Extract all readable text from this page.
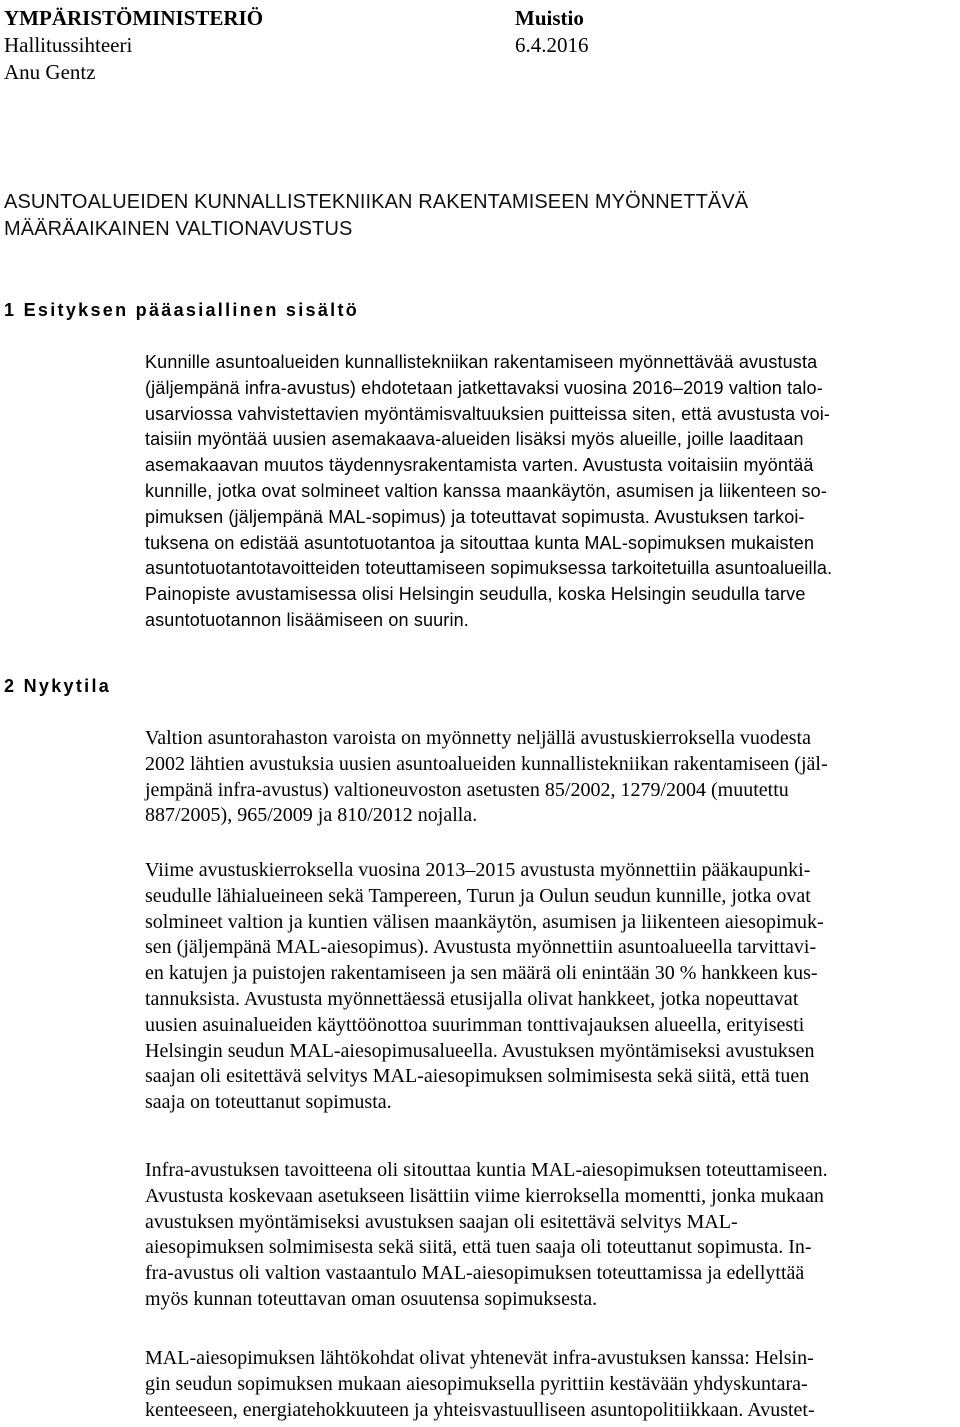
YMPÄRISTÖMINISTERIÖ	Muistio
Hallitussihteeri	6.4.2016
Anu Gentz
ASUNTOALUEIDEN KUNNALLISTEKNIIKAN RAKENTAMISEEN MYÖNNETTÄVÄ
MÄÄRÄAIKAINEN VALTIONAVUSTUS
1 Esityksen pääasiallinen sisältö
Kunnille asuntoalueiden kunnallistekniikan rakentamiseen myönnettävää avustusta
(jäljempänä infra-avustus) ehdotetaan jatkettavaksi vuosina 2016–2019 valtion talo-
usarviossa vahvistettavien myöntämisvaltuuksien puitteissa siten, että avustusta voi-
taisiin myöntää uusien asemakaava-alueiden lisäksi myös alueille, joille laaditaan
asemakaavan muutos täydennysrakentamista varten. Avustusta voitaisiin myöntää
kunnille, jotka ovat solmineet valtion kanssa maankäytön, asumisen ja liikenteen so-
pimuksen (jäljempänä MAL-sopimus) ja toteuttavat sopimusta. Avustuksen tarkoi-
tuksena on edistää asuntotuotantoa ja sitouttaa kunta MAL-sopimuksen mukaisten
asuntotuotantotavoitteiden toteuttamiseen sopimuksessa tarkoitetuilla asuntoalueilla.
Painopiste avustamisessa olisi Helsingin seudulla, koska Helsingin seudulla tarve
asuntotuotannon lisäämiseen on suurin.
2 Nykytila
Valtion asuntorahaston varoista on myönnetty neljällä avustuskierroksella vuodesta
2002 lähtien avustuksia uusien asuntoalueiden kunnallistekniikan rakentamiseen (jäl-
jempänä infra-avustus) valtioneuvoston asetusten 85/2002, 1279/2004 (muutettu
887/2005), 965/2009 ja 810/2012 nojalla.
Viime avustuskierroksella vuosina 2013–2015 avustusta myönnettiin pääkaupunki-
seudulle lähialueineen sekä Tampereen, Turun ja Oulun seudun kunnille, jotka ovat
solmineet valtion ja kuntien välisen maankäytön, asumisen ja liikenteen aiesopimuk-
sen (jäljempänä MAL-aiesopimus). Avustusta myönnettiin asuntoalueella tarvittavi-
en katujen ja puistojen rakentamiseen ja sen määrä oli enintään 30 % hankkeen kus-
tannuksista. Avustusta myönnettäessä etusijalla olivat hankkeet, jotka nopeuttavat
uusien asuinalueiden käyttöönottoa suurimman tonttivajauksen alueella, erityisesti
Helsingin seudun MAL-aiesopimusalueella. Avustuksen myöntämiseksi avustuksen
saajan oli esitettävä selvitys MAL-aiesopimuksen solmimisesta sekä siitä, että tuen
saaja on toteuttanut sopimusta.
Infra-avustuksen tavoitteena oli sitouttaa kuntia MAL-aiesopimuksen toteuttamiseen.
Avustusta koskevaan asetukseen lisättiin viime kierroksella momentti, jonka mukaan
avustuksen myöntämiseksi avustuksen saajan oli esitettävä selvitys MAL-
aiesopimuksen solmimisesta sekä siitä, että tuen saaja oli toteuttanut sopimusta. In-
fra-avustus oli valtion vastaantulo MAL-aiesopimuksen toteuttamissa ja edellyttää
myös kunnan toteuttavan oman osuutensa sopimuksesta.
MAL-aiesopimuksen lähtökohdat olivat yhtenevät infra-avustuksen kanssa: Helsin-
gin seudun sopimuksen mukaan aiesopimuksella pyrittiin kestävään yhdyskuntara-
kenteeseen, energiatehokkuuteen ja yhteisvastuulliseen asuntopolitiikkaan. Avustet-
